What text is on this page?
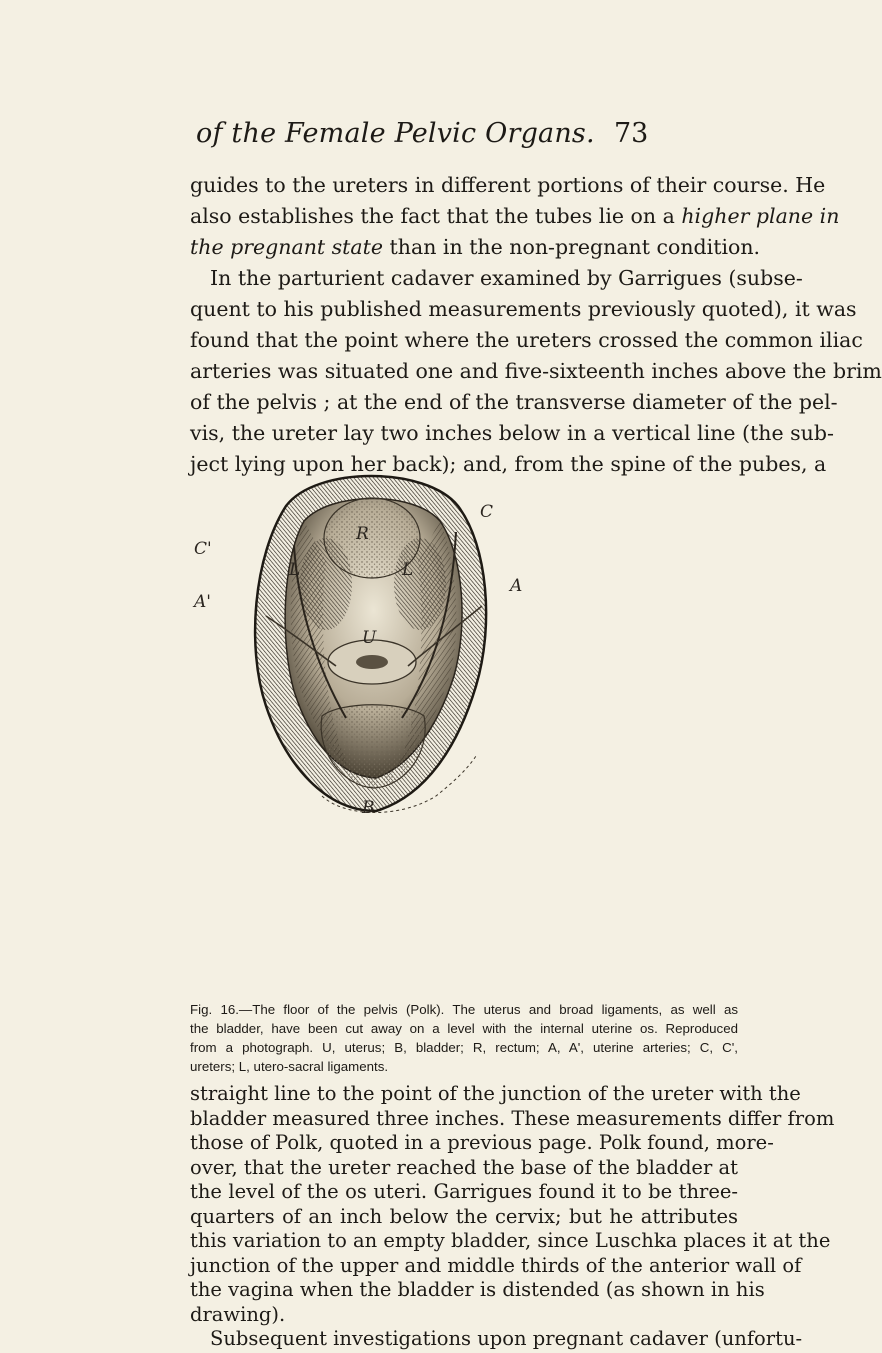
of the Female Pelvic Organs. 73
guides to the ureters in different portions of their course. He
also establishes the fact that the tubes lie on a higher plane in
the pregnant state than in the non-pregnant condition.
In the parturient cadaver examined by Garrigues (subse-
quent to his published measurements previously quoted), it was
found that the point where the ureters crossed the common iliac
arteries was situated one and five-sixteenth inches above the brim
of the pelvis ; at the end of the transverse diameter of the pel-
vis, the ureter lay two inches below in a vertical line (the sub-
ject lying upon her back); and, from the spine of the pubes, a
R
C
C'
L	L
A'
A
U
B
Fig. 16.—The floor of the pelvis (Polk). The uterus and broad ligaments, as well as
the bladder, have been cut away on a level with the internal uterine os. Reproduced
from a photograph. U, uterus; B, bladder; R, rectum; A, A', uterine arteries; C, C',
ureters; L, utero-sacral ligaments.
straight line to the point of the junction of the ureter with the
bladder measured three inches. These measurements differ from
those of Polk, quoted in a previous page. Polk found, more-
over, that the ureter reached the base of the bladder at
the level of the os uteri. Garrigues found it to be three-
quarters of an inch below the cervix; but he attributes
this variation to an empty bladder, since Luschka places it at the
junction of the upper and middle thirds of the anterior wall of
the vagina when the bladder is distended (as shown in his
drawing).
Subsequent investigations upon pregnant cadaver (unfortu-
